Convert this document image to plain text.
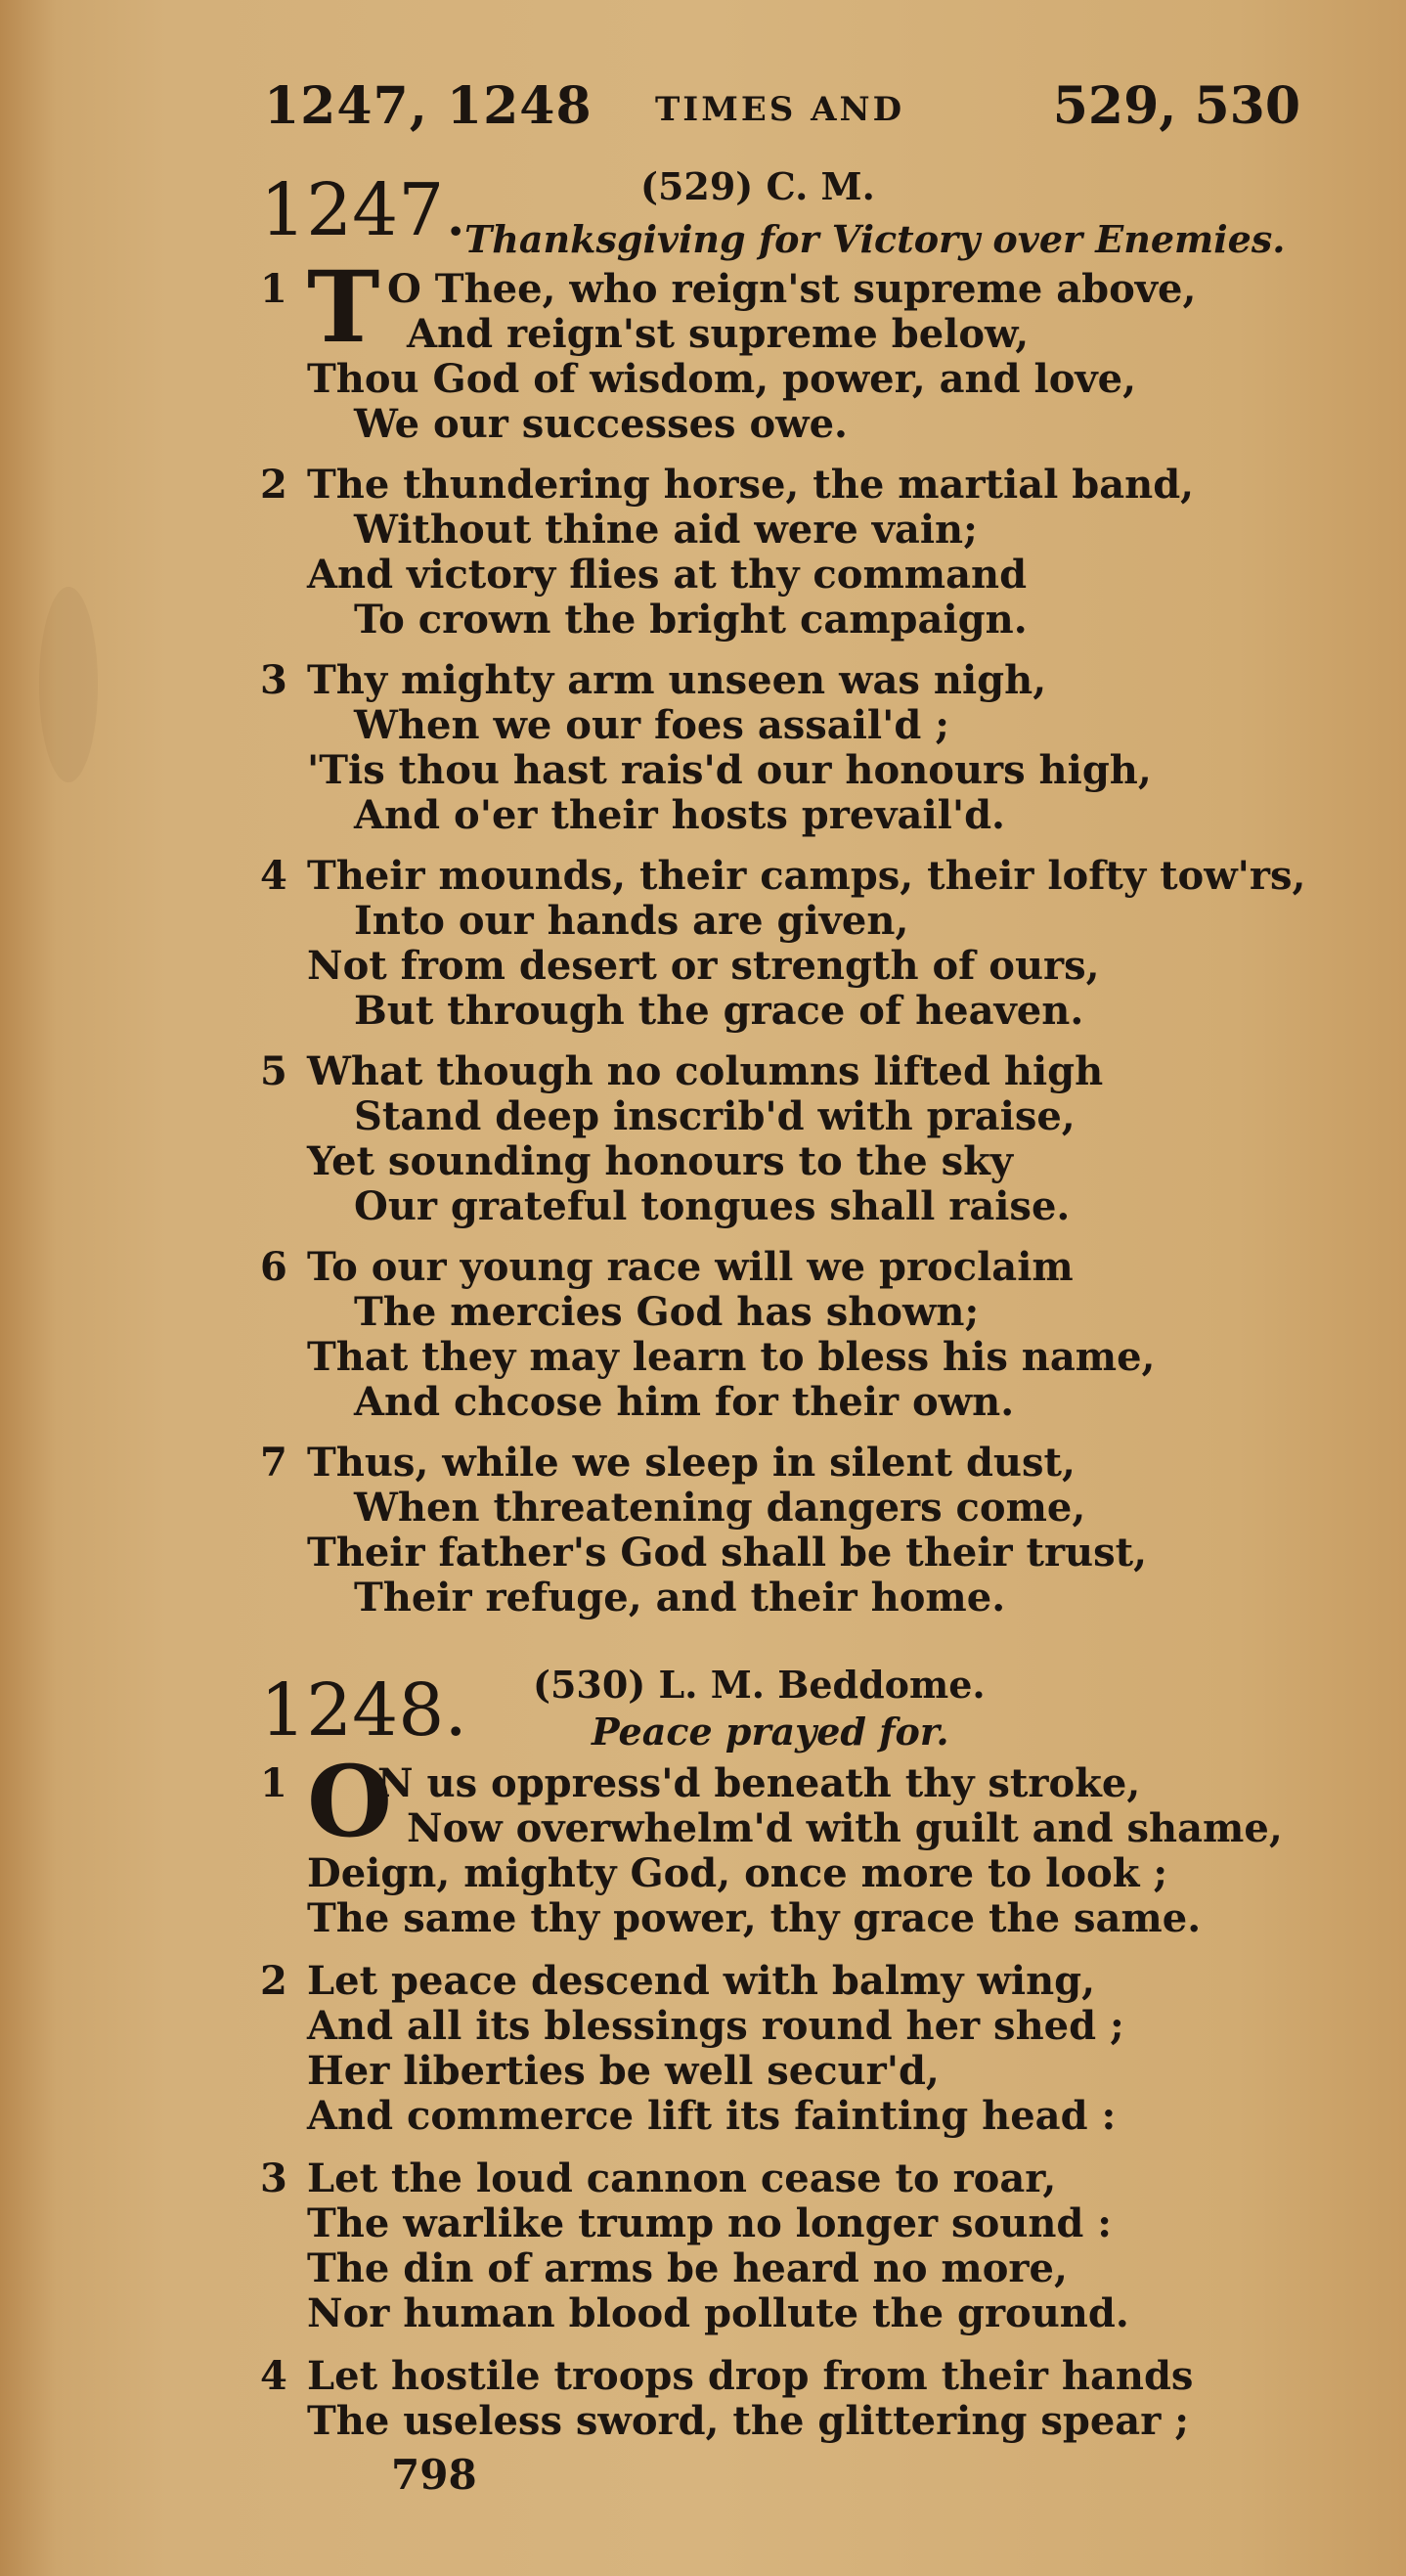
1247, 1248 TIMES AND	529, 530
1247.	(529) C. M.
Thanksgiving for Victory over Enemies.
1 T O Thee, who reign'st supreme above,
And reign'st supreme below,
Thou God of wisdom, power, and love,
We our successes owe.
2 The thundering horse, the martial band,
Without thine aid were vain;
And victory flies at thy command
To crown the bright campaign.
3 Thy mighty arm unseen was nigh,
When we our foes assail'd ;
'Tis thou hast rais'd our honours high,
And o'er their hosts prevail'd.
4 Their mounds, their camps, their lofty tow'rs,
Into our hands are given,
Not from desert or strength of ours,
But through the grace of heaven.
5 What though no columns lifted high
Stand deep inscrib'd with praise,
Yet sounding honours to the sky
Our grateful tongues shall raise.
6 To our young race will we proclaim
The mercies God has shown;
That they may learn to bless his name,
And chcose him for their own.
7 Thus, while we sleep in silent dust,
When threatening dangers come,
Their father's God shall be their trust,
Their refuge, and their home.
1248. (530) L. M. Beddome.
Peace prayed for.
1 O
N us oppress'd beneath thy stroke,
Now overwhelm'd with guilt and shame,
Deign, mighty God, once more to look ;
The same thy power, thy grace the same.
2 Let peace descend with balmy wing,
And all its blessings round her shed ;
Her liberties be well secur'd,
And commerce lift its fainting head :
3 Let the loud cannon cease to roar,
The warlike trump no longer sound :
The din of arms be heard no more,
Nor human blood pollute the ground.
4 Let hostile troops drop from their hands
The useless sword, the glittering spear ;
798
